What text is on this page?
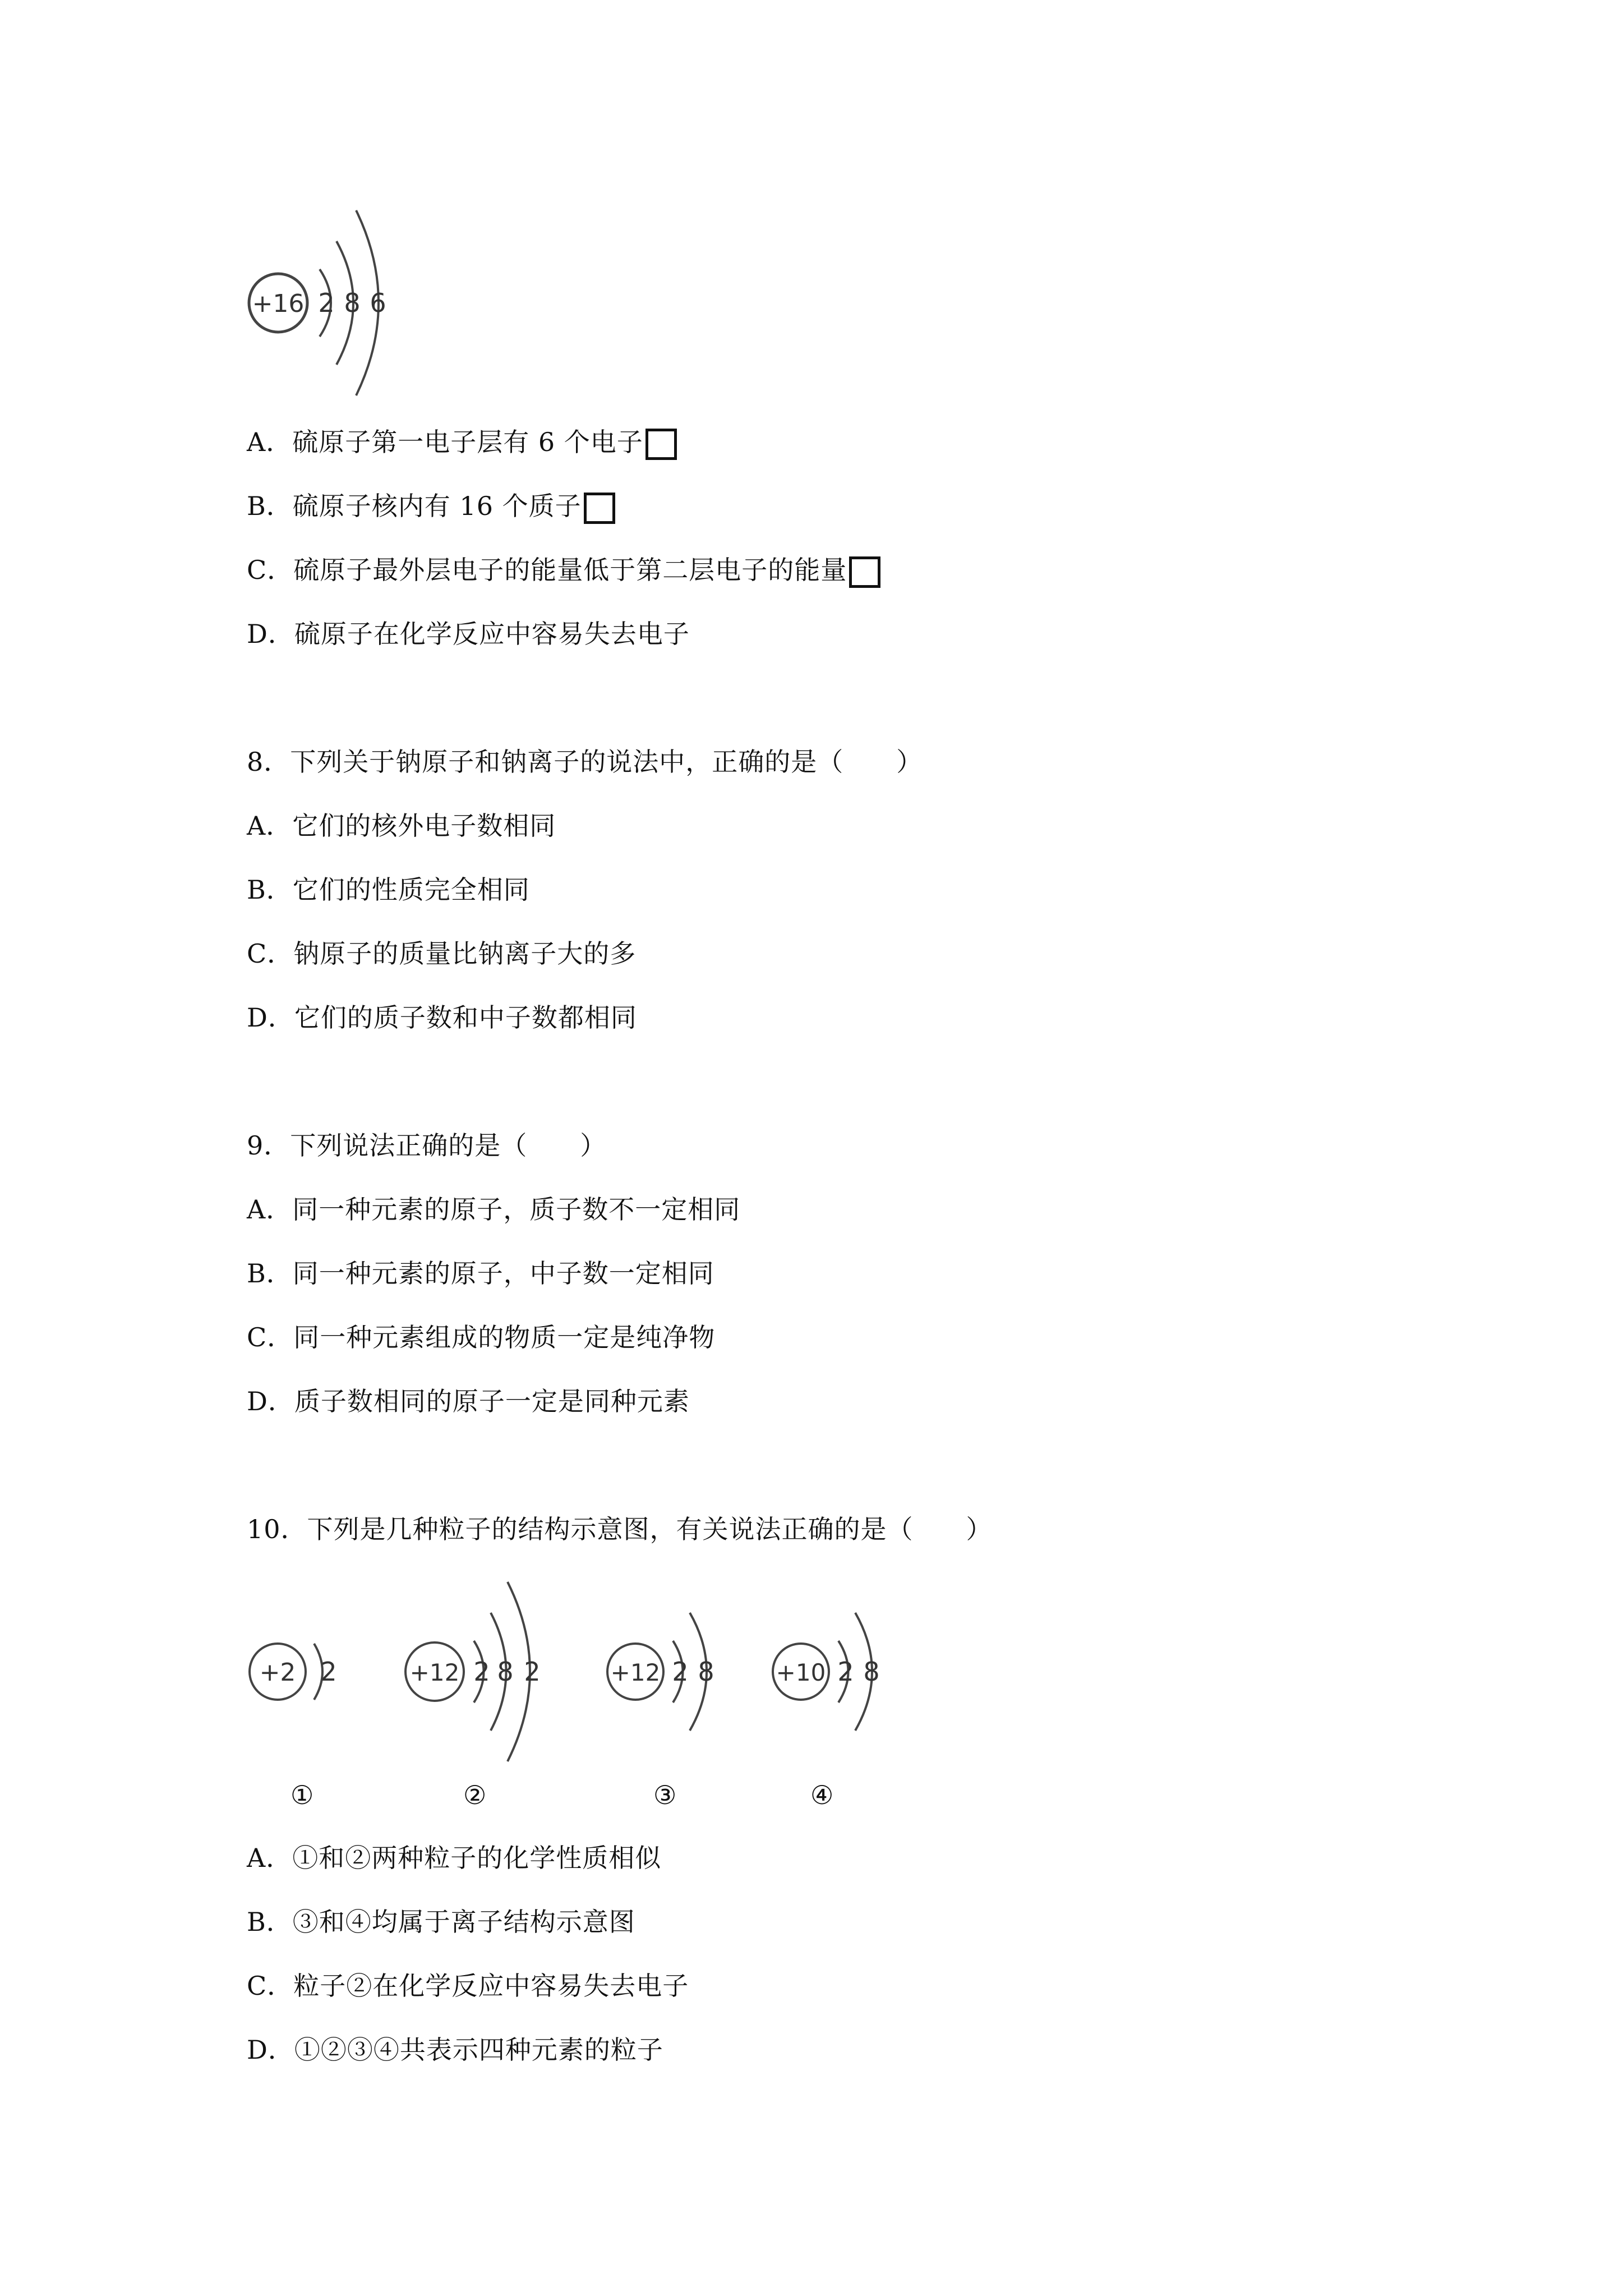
+16 2 8 6
A．硫原子第一电子层有 6 个电子
B．硫原子核内有 16 个质子
C．硫原子最外层电子的能量低于第二层电子的能量
D．硫原子在化学反应中容易失去电子
8．下列关于钠原子和钠离子的说法中，正确的是（　　）
A．它们的核外电子数相同
B．它们的性质完全相同
C．钠原子的质量比钠离子大的多
D．它们的质子数和中子数都相同
9．下列说法正确的是（　　）
A．同一种元素的原子，质子数不一定相同
B．同一种元素的原子，中子数一定相同
C．同一种元素组成的物质一定是纯净物
D．质子数相同的原子一定是同种元素
10．下列是几种粒子的结构示意图，有关说法正确的是（　　）
+2 2	+12 2 8 2	+12 2 8	+10 2 8
①	②	③	④
A．①和②两种粒子的化学性质相似
B．③和④均属于离子结构示意图
C．粒子②在化学反应中容易失去电子
D．①②③④共表示四种元素的粒子
